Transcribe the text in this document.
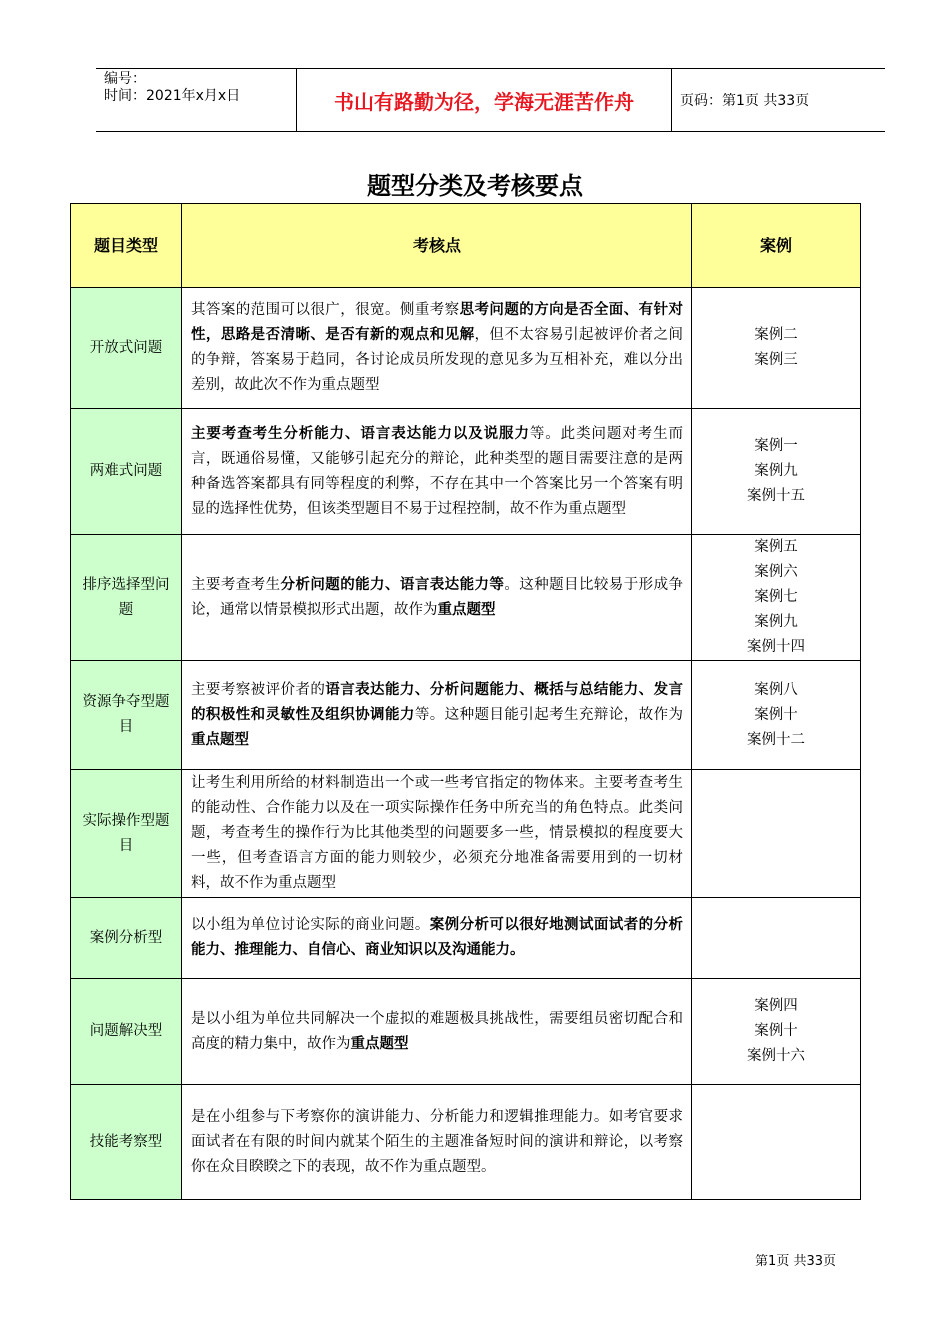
编号：
时间：2021年x月x日	书山有路勤为径，学海无涯苦作舟	页码：第1页 共33页
题型分类及考核要点
题目类型	考核点	案例
开放式问题	其答案的范围可以很广，很宽。侧重考察思考问题的方向是否全面、有针对性，思路是否清晰、是否有新的观点和见解，但不太容易引起被评价者之间的争辩，答案易于趋同，各讨论成员所发现的意见多为互相补充，难以分出差别，故此次不作为重点题型	案例二
案例三

两难式问题	主要考查考生分析能力、语言表达能力以及说服力等。此类问题对考生而言，既通俗易懂，又能够引起充分的辩论，此种类型的题目需要注意的是两种备选答案都具有同等程度的利弊，不存在其中一个答案比另一个答案有明显的选择性优势，但该类型题目不易于过程控制，故不作为重点题型	案例一
案例九
案例十五

排序选择型问题	主要考查考生分析问题的能力、语言表达能力等。这种题目比较易于形成争论，通常以情景模拟形式出题，故作为重点题型	案例五
案例六
案例七
案例九
案例十四

资源争夺型题目	主要考察被评价者的语言表达能力、分析问题能力、概括与总结能力、发言的积极性和灵敏性及组织协调能力等。这种题目能引起考生充辩论，故作为重点题型	案例八
案例十
案例十二

实际操作型题目	让考生利用所给的材料制造出一个或一些考官指定的物体来。主要考查考生的能动性、合作能力以及在一项实际操作任务中所充当的角色特点。此类问题，考查考生的操作行为比其他类型的问题要多一些，情景模拟的程度要大一些，但考查语言方面的能力则较少，必须充分地准备需要用到的一切材料，故不作为重点题型	
案例分析型	以小组为单位讨论实际的商业问题。案例分析可以很好地测试面试者的分析能力、推理能力、自信心、商业知识以及沟通能力。	
问题解决型	是以小组为单位共同解决一个虚拟的难题极具挑战性，需要组员密切配合和高度的精力集中，故作为重点题型	案例四
案例十
案例十六

技能考察型	是在小组参与下考察你的演讲能力、分析能力和逻辑推理能力。如考官要求面试者在有限的时间内就某个陌生的主题准备短时间的演讲和辩论，以考察你在众目睽睽之下的表现，故不作为重点题型。	
第1页 共33页
